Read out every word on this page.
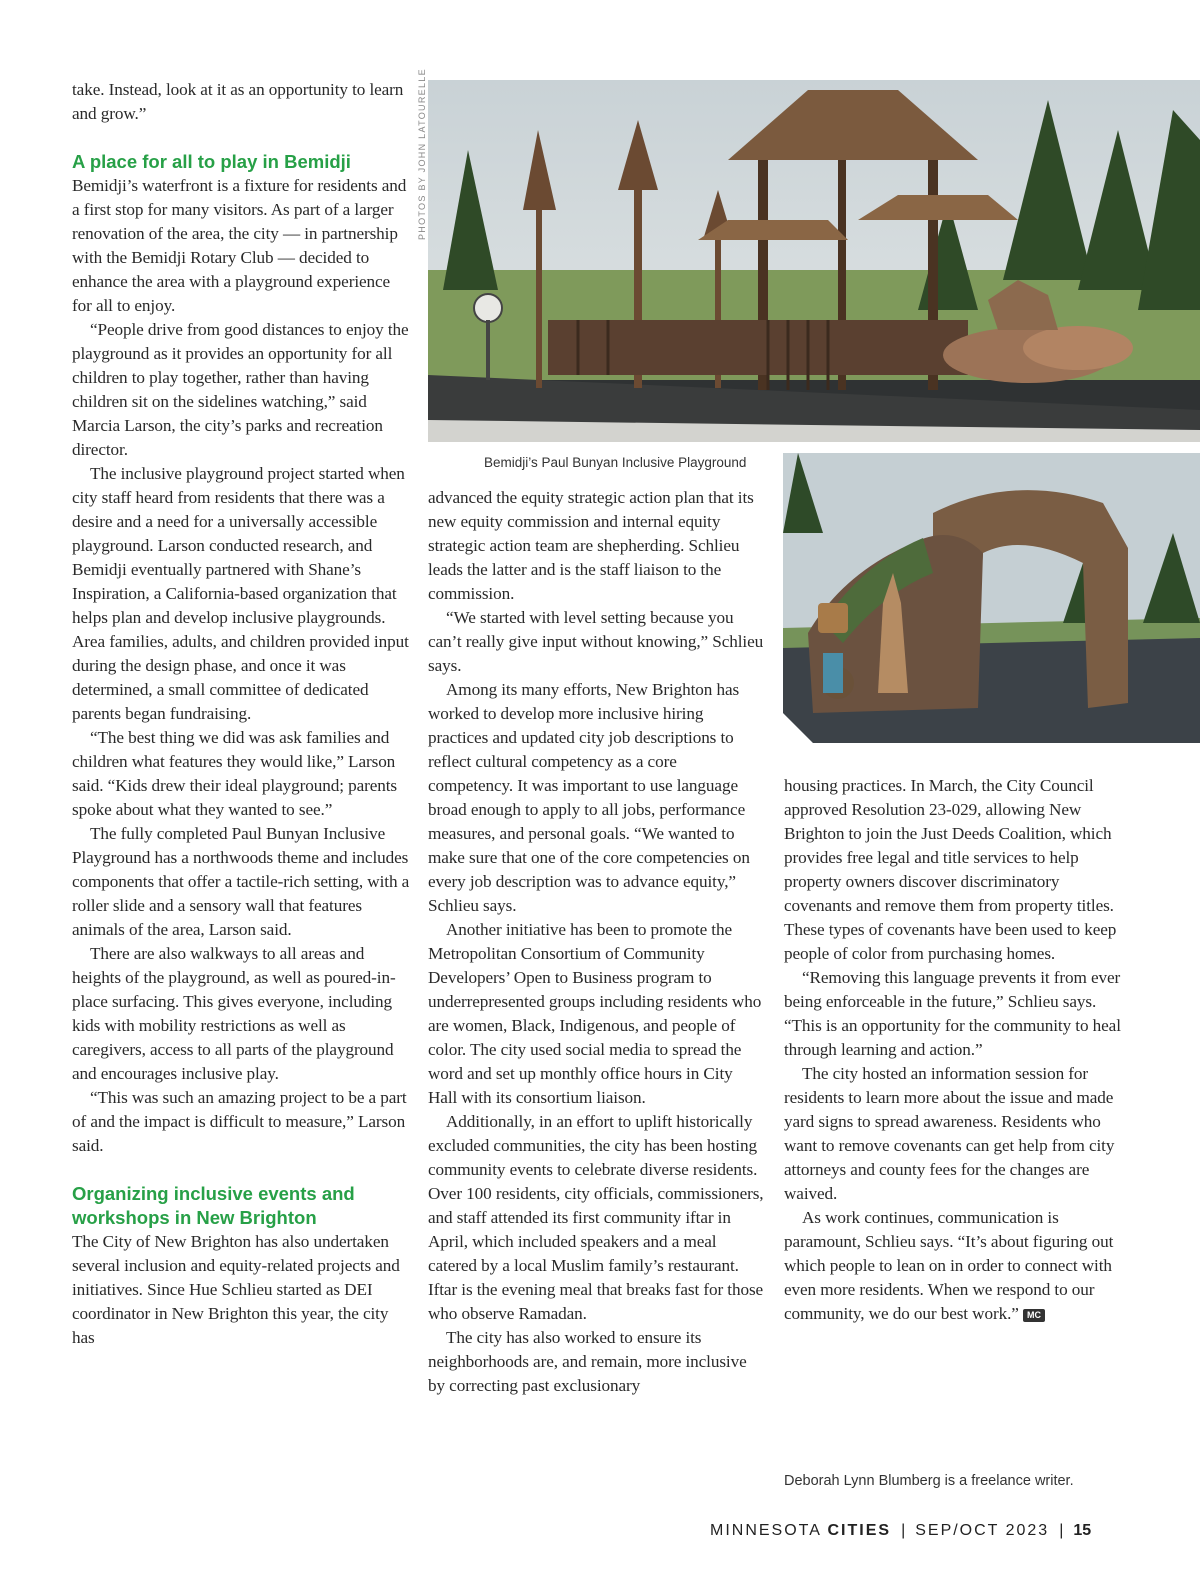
PHOTOS BY JOHN LATOURELLE
Bemidji’s Paul Bunyan Inclusive Playground

take. Instead, look at it as an opportunity to learn and grow.”

A place for all to play in Bemidji

Bemidji’s waterfront is a fixture for residents and a first stop for many visitors. As part of a larger renovation of the area, the city — in partnership with the Bemidji Rotary Club — decided to enhance the area with a playground experience for all to enjoy.

“People drive from good distances to enjoy the playground as it provides an opportunity for all children to play together, rather than having children sit on the sidelines watching,” said Marcia Larson, the city’s parks and recreation director.

The inclusive playground project started when city staff heard from residents that there was a desire and a need for a universally accessible playground. Larson conducted research, and Bemidji eventually partnered with Shane’s Inspiration, a California-based organization that helps plan and develop inclusive playgrounds. Area families, adults, and children provided input during the design phase, and once it was determined, a small committee of dedicated parents began fundraising.

“The best thing we did was ask families and children what features they would like,” Larson said. “Kids drew their ideal playground; parents spoke about what they wanted to see.”

The fully completed Paul Bunyan Inclusive Playground has a northwoods theme and includes components that offer a tactile-rich setting, with a roller slide and a sensory wall that features animals of the area, Larson said.

There are also walkways to all areas and heights of the playground, as well as poured-in-place surfacing. This gives everyone, including kids with mobility restrictions as well as caregivers, access to all parts of the playground and encourages inclusive play.

“This was such an amazing project to be a part of and the impact is difficult to measure,” Larson said.

Organizing inclusive events and workshops in New Brighton

The City of New Brighton has also undertaken several inclusion and equity-related projects and initiatives. Since Hue Schlieu started as DEI coordinator in New Brighton this year, the city has

advanced the equity strategic action plan that its new equity commission and internal equity strategic action team are shepherding. Schlieu leads the latter and is the staff liaison to the commission.

“We started with level setting because you can’t really give input without knowing,” Schlieu says.

Among its many efforts, New Brighton has worked to develop more inclusive hiring practices and updated city job descriptions to reflect cultural competency as a core competency. It was important to use language broad enough to apply to all jobs, performance measures, and personal goals. “We wanted to make sure that one of the core competencies on every job description was to advance equity,” Schlieu says.

Another initiative has been to promote the Metropolitan Consortium of Community Developers’ Open to Business program to underrepresented groups including residents who are women, Black, Indigenous, and people of color. The city used social media to spread the word and set up monthly office hours in City Hall with its consortium liaison.

Additionally, in an effort to uplift historically excluded communities, the city has been hosting community events to celebrate diverse residents. Over 100 residents, city officials, commissioners, and staff attended its first community iftar in April, which included speakers and a meal catered by a local Muslim family’s restaurant. Iftar is the evening meal that breaks fast for those who observe Ramadan.

The city has also worked to ensure its neighborhoods are, and remain, more inclusive by correcting past exclusionary

housing practices. In March, the City Council approved Resolution 23-029, allowing New Brighton to join the Just Deeds Coalition, which provides free legal and title services to help property owners discover discriminatory covenants and remove them from property titles. These types of covenants have been used to keep people of color from purchasing homes.

“Removing this language prevents it from ever being enforceable in the future,” Schlieu says. “This is an opportunity for the community to heal through learning and action.”

The city hosted an information session for residents to learn more about the issue and made yard signs to spread awareness. Residents who want to remove covenants can get help from city attorneys and county fees for the changes are waived.

As work continues, communication is paramount, Schlieu says. “It’s about figuring out which people to lean on in order to connect with even more residents. When we respond to our community, we do our best work.” MC

Deborah Lynn Blumberg is a freelance writer.
MINNESOTA CITIES | SEP/OCT 2023 | 15
